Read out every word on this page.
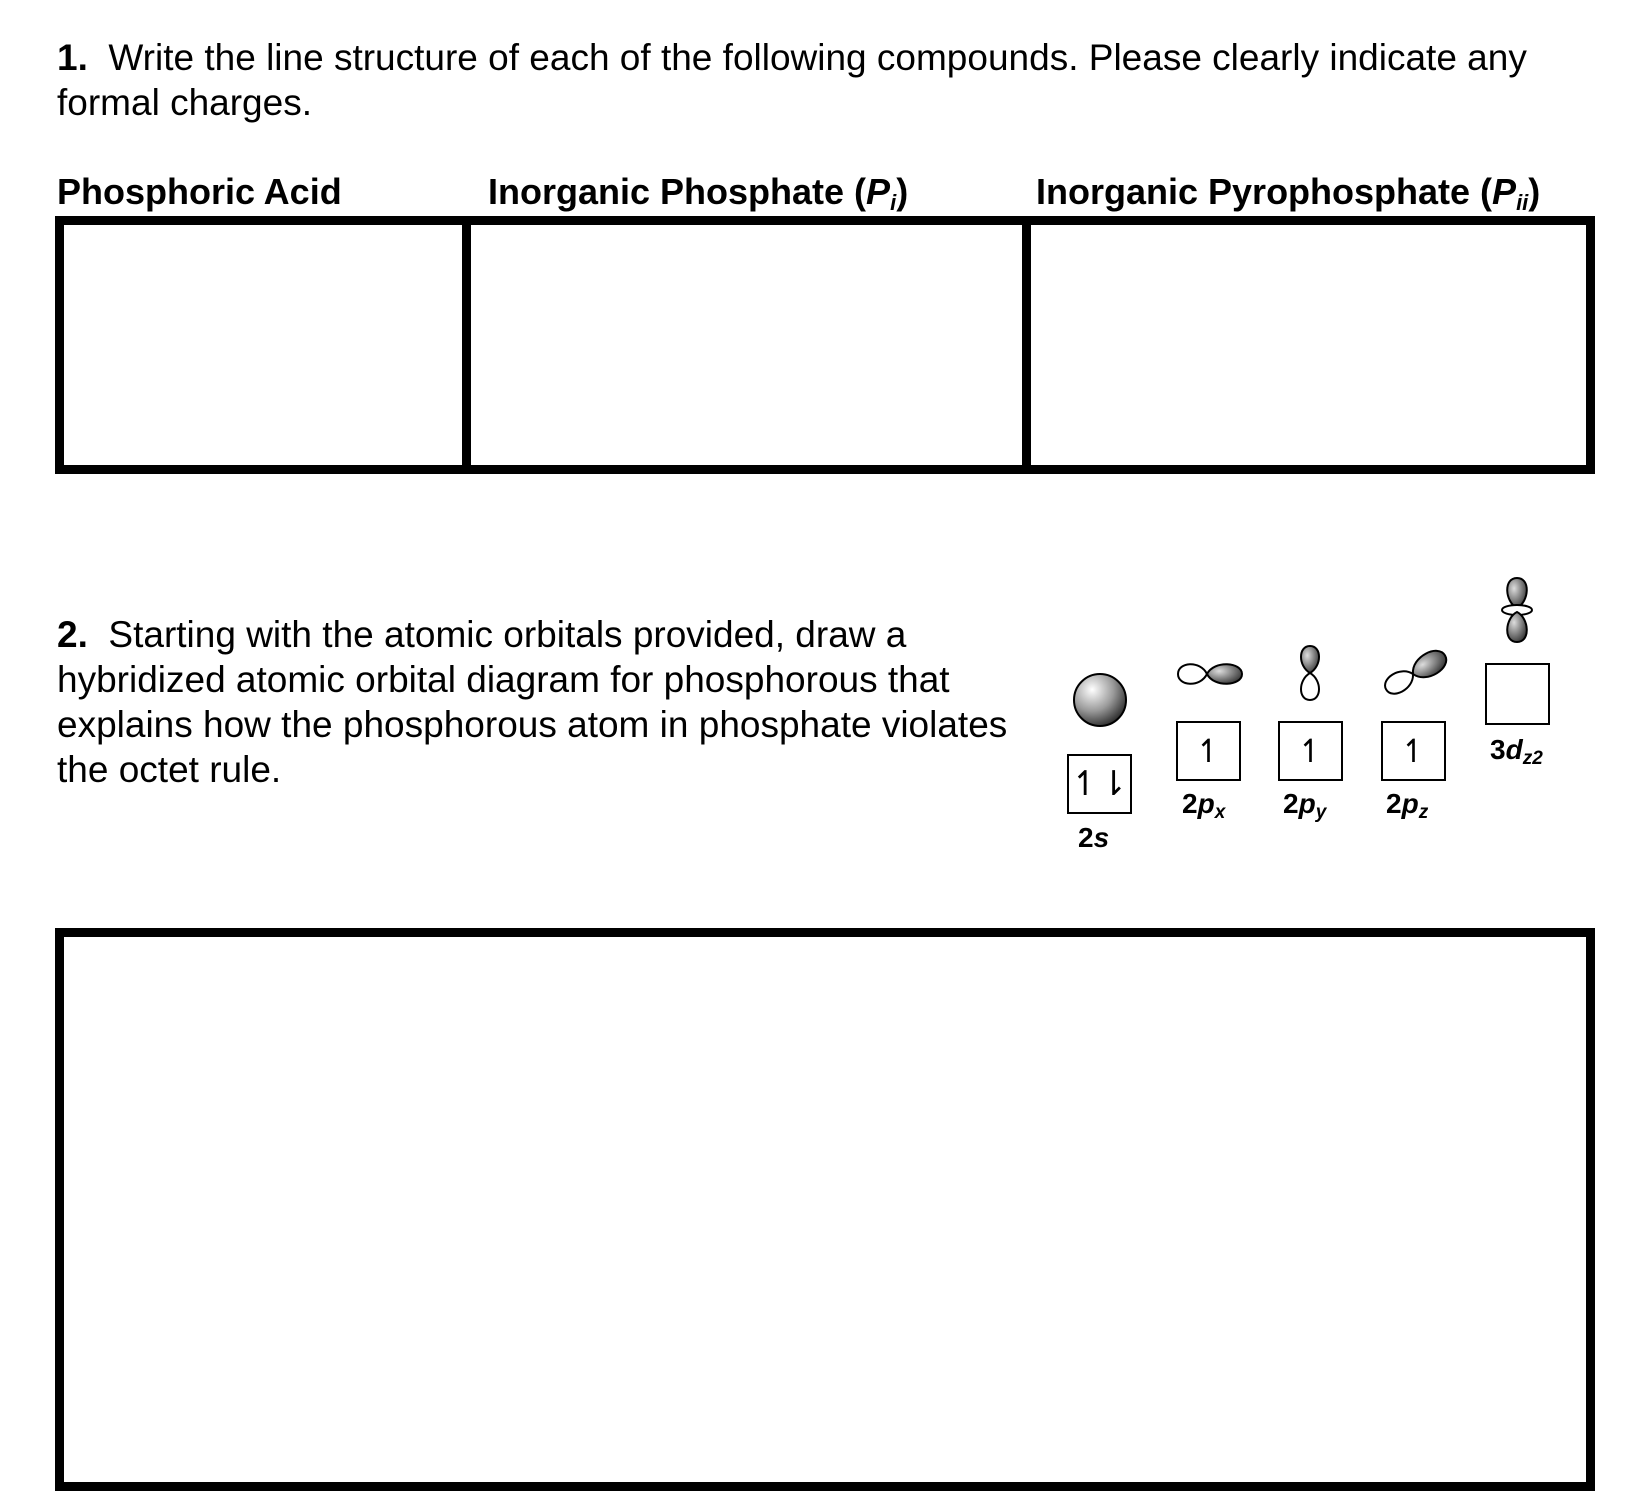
1. Write the line structure of each of the following compounds. Please clearly indicate any formal charges.
Phosphoric Acid	Inorganic Phosphate $(P_i)$	Inorganic Pyrophosphate $(P_{ii})$
2. Starting with the atomic orbitals provided, draw a hybridized atomic orbital diagram for phosphorous that explains how the phosphorous atom in phosphate violates the octet rule.	↿⇂
↿	↿	↿
2s
$2p_x$ $2p_y$ $2p_z$
$3d_{z2}$
